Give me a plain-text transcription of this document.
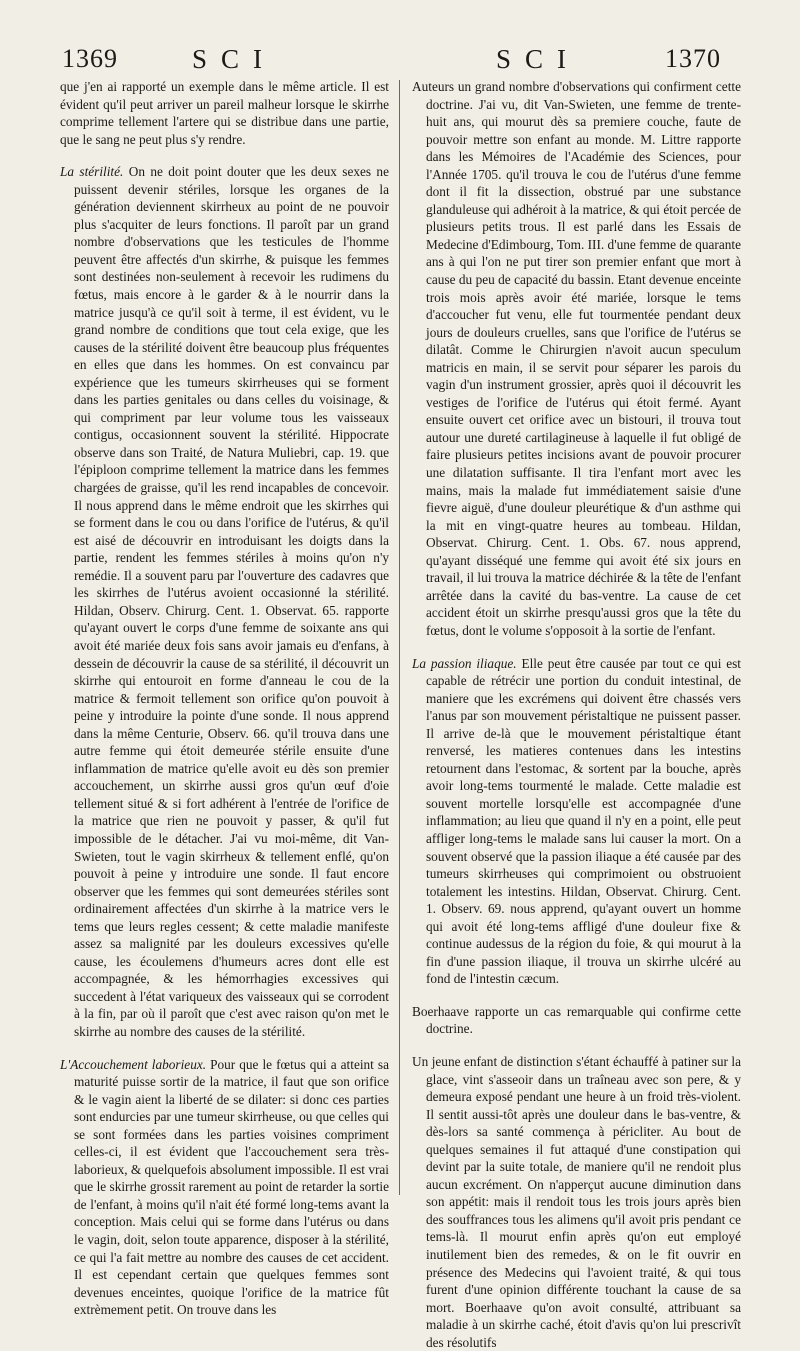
1369	SCI	SCI	1370

que j'en ai rapporté un exemple dans le même article. Il est évident qu'il peut arriver un pareil malheur lorsque le skirrhe comprime tellement l'artere qui se distribue dans une partie, que le sang ne peut plus s'y rendre.

La stérilité. On ne doit point douter que les deux sexes ne puissent devenir stériles, lorsque les organes de la génération deviennent skirrheux au point de ne pouvoir plus s'acquiter de leurs fonctions. Il paroît par un grand nombre d'observations que les testicules de l'homme peuvent être affectés d'un skirrhe, & puisque les femmes sont destinées non-seulement à recevoir les rudimens du fœtus, mais encore à le garder & à le nourrir dans la matrice jusqu'à ce qu'il soit à terme, il est évident, vu le grand nombre de conditions que tout cela exige, que les causes de la stérilité doivent être beaucoup plus fréquentes en elles que dans les hommes. On est convaincu par expérience que les tumeurs skirrheuses qui se forment dans les parties genitales ou dans celles du voisinage, & qui compriment par leur volume tous les vaisseaux contigus, occasionnent souvent la stérilité. Hippocrate observe dans son Traité, de Natura Muliebri, cap. 19. que l'épiploon comprime tellement la matrice dans les femmes chargées de graisse, qu'il les rend incapables de concevoir. Il nous apprend dans le même endroit que les skirrhes qui se forment dans le cou ou dans l'orifice de l'utérus, & qu'il est aisé de découvrir en introduisant les doigts dans la partie, rendent les femmes stériles à moins qu'on n'y remédie. Il a souvent paru par l'ouverture des cadavres que les skirrhes de l'utérus avoient occasionné la stérilité. Hildan, Observ. Chirurg. Cent. 1. Observat. 65. rapporte qu'ayant ouvert le corps d'une femme de soixante ans qui avoit été mariée deux fois sans avoir jamais eu d'enfans, à dessein de découvrir la cause de sa stérilité, il découvrit un skirrhe qui entouroit en forme d'anneau le cou de la matrice & fermoit tellement son orifice qu'on pouvoit à peine y introduire la pointe d'une sonde. Il nous apprend dans la même Centurie, Observ. 66. qu'il trouva dans une autre femme qui étoit demeurée stérile ensuite d'une inflammation de matrice qu'elle avoit eu dès son premier accouchement, un skirrhe aussi gros qu'un œuf d'oie tellement situé & si fort adhérent à l'entrée de l'orifice de la matrice que rien ne pouvoit y passer, & qu'il fut impossible de le détacher. J'ai vu moi-même, dit Van-Swieten, tout le vagin skirrheux & tellement enflé, qu'on pouvoit à peine y introduire une sonde. Il faut encore observer que les femmes qui sont demeurées stériles sont ordinairement affectées d'un skirrhe à la matrice vers le tems que leurs regles cessent; & cette maladie manifeste assez sa malignité par les douleurs excessives qu'elle cause, les écoulemens d'humeurs acres dont elle est accompagnée, & les hémorrhagies excessives qui succedent à l'état variqueux des vaisseaux qui se corrodent à la fin, par où il paroît que c'est avec raison qu'on met le skirrhe au nombre des causes de la stérilité.

L'Accouchement laborieux. Pour que le fœtus qui a atteint sa maturité puisse sortir de la matrice, il faut que son orifice & le vagin aient la liberté de se dilater: si donc ces parties sont endurcies par une tumeur skirrheuse, ou que celles qui se sont formées dans les parties voisines compriment celles-ci, il est évident que l'accouchement sera très-laborieux, & quelquefois absolument impossible. Il est vrai que le skirrhe grossit rarement au point de retarder la sortie de l'enfant, à moins qu'il n'ait été formé long-tems avant la conception. Mais celui qui se forme dans l'utérus ou dans le vagin, doit, selon toute apparence, disposer à la stérilité, ce qui l'a fait mettre au nombre des causes de cet accident. Il est cependant certain que quelques femmes sont devenues enceintes, quoique l'orifice de la matrice fût extrèmement petit. On trouve dans les

Auteurs un grand nombre d'observations qui confirment cette doctrine. J'ai vu, dit Van-Swieten, une femme de trente-huit ans, qui mourut dès sa premiere couche, faute de pouvoir mettre son enfant au monde. M. Littre rapporte dans les Mémoires de l'Académie des Sciences, pour l'Année 1705. qu'il trouva le cou de l'utérus d'une femme dont il fit la dissection, obstrué par une substance glanduleuse qui adhéroit à la matrice, & qui étoit percée de plusieurs petits trous. Il est parlé dans les Essais de Medecine d'Edimbourg, Tom. III. d'une femme de quarante ans à qui l'on ne put tirer son premier enfant que mort à cause du peu de capacité du bassin. Etant devenue enceinte trois mois après avoir été mariée, lorsque le tems d'accoucher fut venu, elle fut tourmentée pendant deux jours de douleurs cruelles, sans que l'orifice de l'utérus se dilatât. Comme le Chirurgien n'avoit aucun speculum matricis en main, il se servit pour séparer les parois du vagin d'un instrument grossier, après quoi il découvrit les vestiges de l'orifice de l'utérus qui étoit fermé. Ayant ensuite ouvert cet orifice avec un bistouri, il trouva tout autour une dureté cartilagineuse à laquelle il fut obligé de faire plusieurs petites incisions avant de pouvoir procurer une dilatation suffisante. Il tira l'enfant mort avec les mains, mais la malade fut immédiatement saisie d'une fievre aiguë, d'une douleur pleurétique & d'un asthme qui la mit en vingt-quatre heures au tombeau. Hildan, Observat. Chirurg. Cent. 1. Obs. 67. nous apprend, qu'ayant disséqué une femme qui avoit été six jours en travail, il lui trouva la matrice déchirée & la tête de l'enfant arrêtée dans la cavité du bas-ventre. La cause de cet accident étoit un skirrhe presqu'aussi gros que la tête du fœtus, dont le volume s'opposoit à la sortie de l'enfant.

La passion iliaque. Elle peut être causée par tout ce qui est capable de rétrécir une portion du conduit intestinal, de maniere que les excrémens qui doivent être chassés vers l'anus par son mouvement péristaltique ne puissent passer. Il arrive de-là que le mouvement péristaltique étant renversé, les matieres contenues dans les intestins retournent dans l'estomac, & sortent par la bouche, après avoir long-tems tourmenté le malade. Cette maladie est souvent mortelle lorsqu'elle est accompagnée d'une inflammation; au lieu que quand il n'y en a point, elle peut affliger long-tems le malade sans lui causer la mort. On a souvent observé que la passion iliaque a été causée par des tumeurs skirrheuses qui comprimoient ou obstruoient totalement les intestins. Hildan, Observat. Chirurg. Cent. 1. Observ. 69. nous apprend, qu'ayant ouvert un homme qui avoit été long-tems affligé d'une douleur fixe & continue audessus de la région du foie, & qui mourut à la fin d'une passion iliaque, il trouva un skirrhe ulcéré au fond de l'intestin cæcum.

Boerhaave rapporte un cas remarquable qui confirme cette doctrine.

Un jeune enfant de distinction s'étant échauffé à patiner sur la glace, vint s'asseoir dans un traîneau avec son pere, & y demeura exposé pendant une heure à un froid très-violent. Il sentit aussi-tôt après une douleur dans le bas-ventre, & dès-lors sa santé commença à péricliter. Au bout de quelques semaines il fut attaqué d'une constipation qui devint par la suite totale, de maniere qu'il ne rendoit plus aucun excrément. On n'apperçut aucune diminution dans son appétit: mais il rendoit tous les trois jours après bien des souffrances tous les alimens qu'il avoit pris pendant ce tems-là. Il mourut enfin après qu'on eut employé inutilement bien des remedes, & on le fit ouvrir en présence des Medecins qui l'avoient traité, & qui tous furent d'une opinion différente touchant la cause de sa mort. Boerhaave qu'on avoit consulté, attribuant sa maladie à un skirrhe caché, étoit d'avis qu'on lui prescrivît des résolutifs
